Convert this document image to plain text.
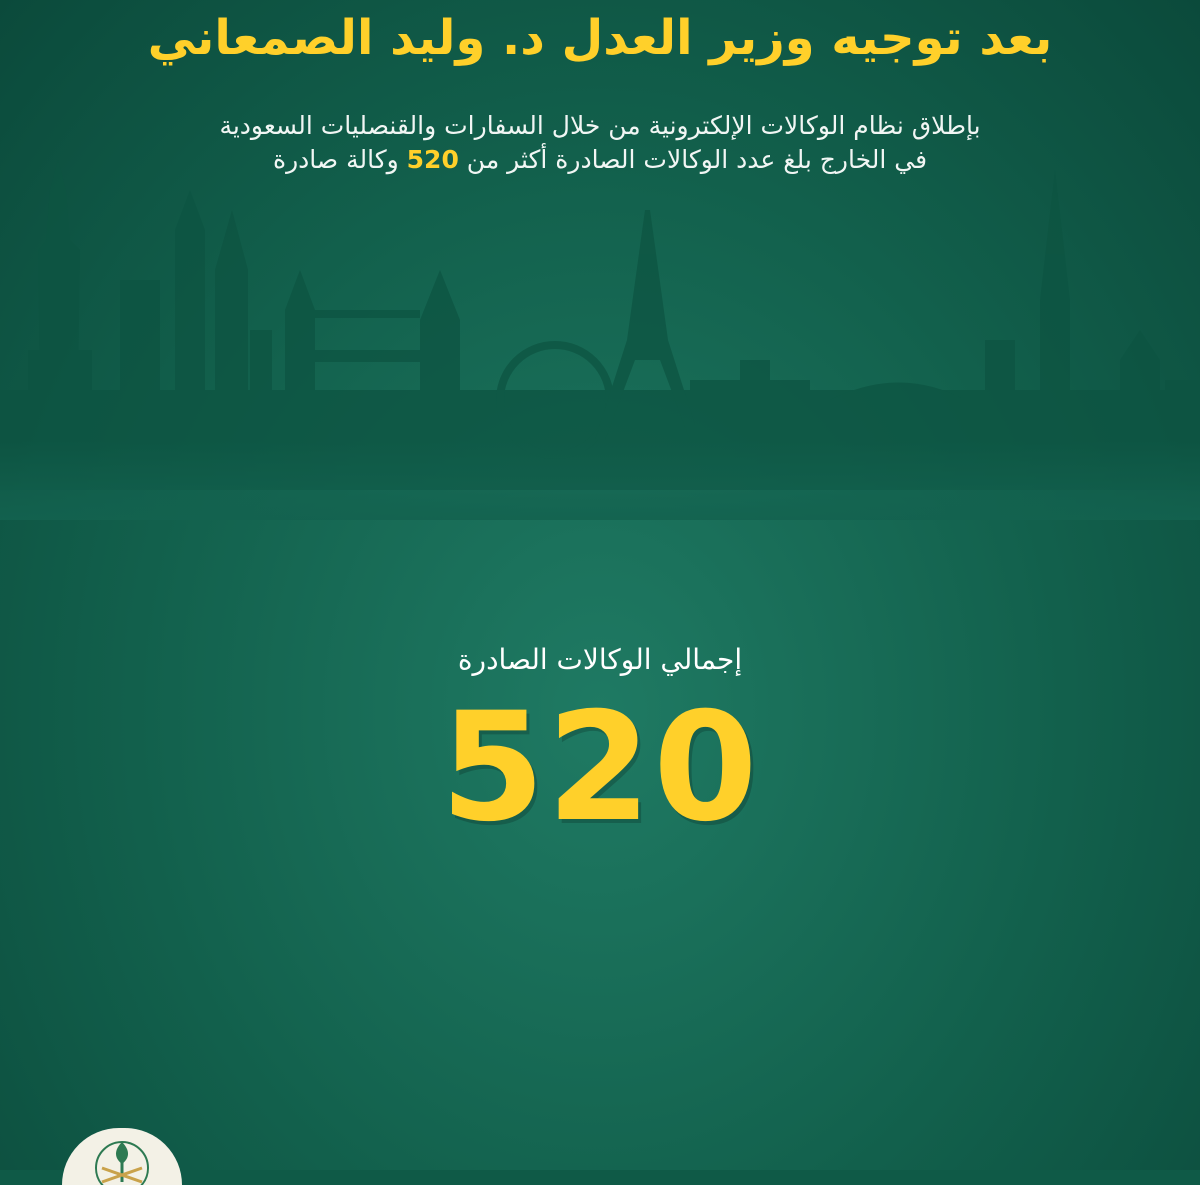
بعد توجيه وزير العدل د. وليد الصمعاني

بإطلاق نظام الوكالات الإلكترونية من خلال السفارات والقنصليات السعودية

في الخارج بلغ عدد الوكالات الصادرة أكثر من 520 وكالة صادرة

إجمالي الوكالات الصادرة
520
